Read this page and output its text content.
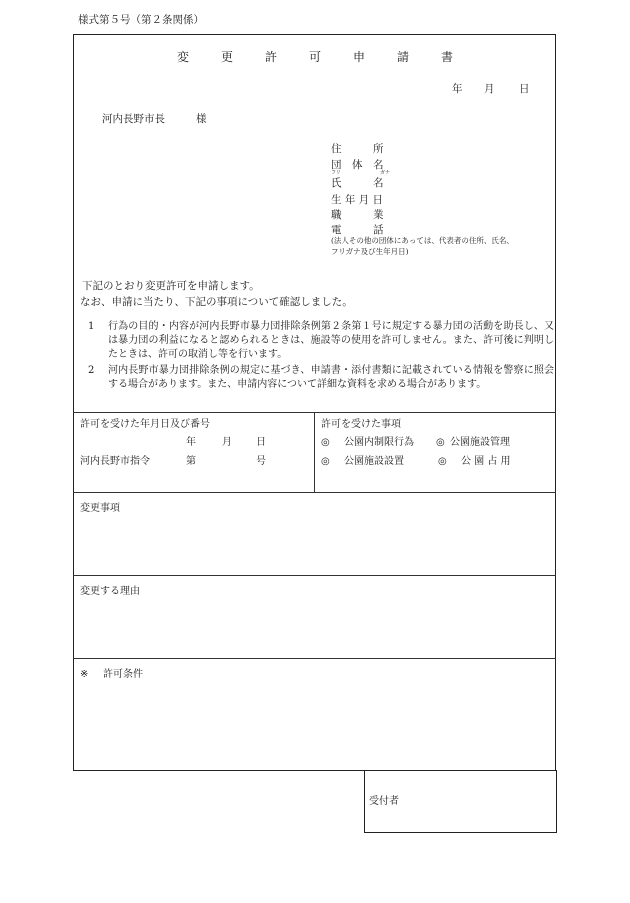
様式第５号（第２条関係）
変　更　許　可　申　請　書
年 月 日
河内長野市長	様
住　　　所
団　体　名
フリ	ガナ
氏　　　名
生 年 月 日
職　　　業
電　　　話
(法人その他の団体にあっては、代表者の住所、氏名、
フリガナ及び生年月日)
下記のとおり変更許可を申請します。
なお、申請に当たり、下記の事項について確認しました。
1	行為の目的・内容が河内長野市暴力団排除条例第２条第１号に規定する暴力団の活動を助長し、又は暴力団の利益になると認められるときは、施設等の使用を許可しません。また、許可後に判明したときは、許可の取消し等を行います。
2	河内長野市暴力団排除条例の規定に基づき、申請書・添付書類に記載されている情報を警察に照会する場合があります。また、申請内容について詳細な資料を求める場合があります。
許可を受けた年月日及び番号
年	月 日
河内長野市指令	第	号
許可を受けた事項
◎ 公園内制限行為 ◎ 公園施設管理
◎ 公園施設設置	◎ 公 園 占 用
変更事項
変更する理由
※ 許可条件
受付者
